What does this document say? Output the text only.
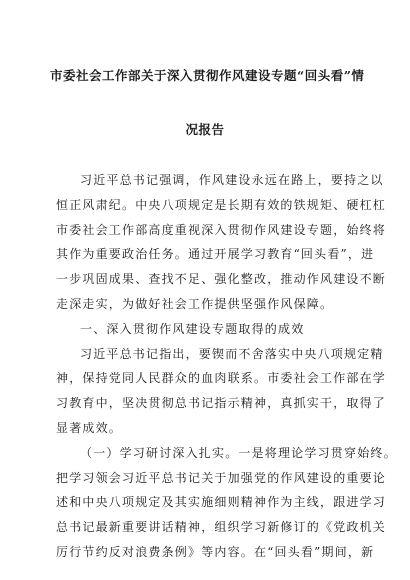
市委社会工作部关于深入贯彻作风建设专题“回头看”情
况报告
习近平总书记强调，作风建设永远在路上，要持之以
恒正风肃纪。中央八项规定是长期有效的铁规矩、硬杠杠
市委社会工作部高度重视深入贯彻作风建设专题，始终将
其作为重要政治任务。通过开展学习教育“回头看”，进
一步巩固成果、查找不足、强化整改，推动作风建设不断
走深走实，为做好社会工作提供坚强作风保障。
一、深入贯彻作风建设专题取得的成效
习近平总书记指出，要锲而不舍落实中央八项规定精
神，保持党同人民群众的血肉联系。市委社会工作部在学
习教育中，坚决贯彻总书记指示精神，真抓实干，取得了
显著成效。
（一）学习研讨深入扎实。一是将理论学习贯穿始终。
把学习领会习近平总书记关于加强党的作风建设的重要论
述和中央八项规定及其实施细则精神作为主线，跟进学习
总书记最新重要讲话精神，组织学习新修订的《党政机关
厉行节约反对浪费条例》等内容。在“回头看”期间，新
